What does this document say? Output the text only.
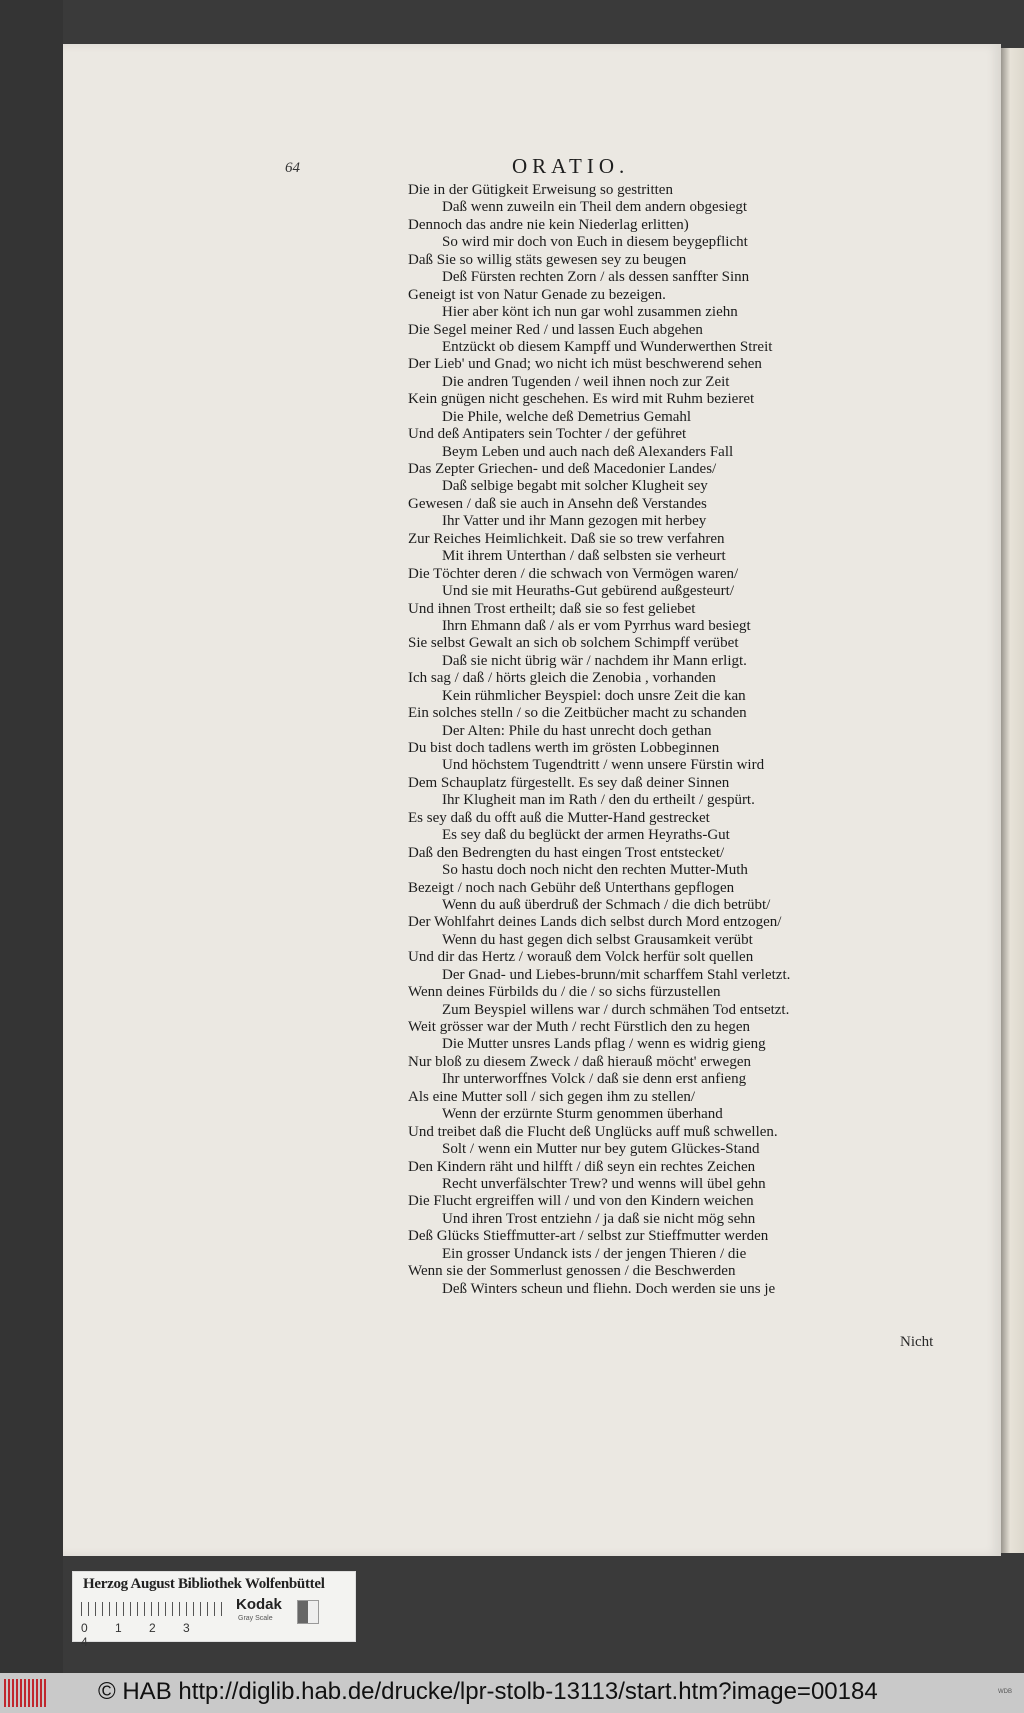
64	ORATIO.
Die in der Gütigkeit Erweisung so gestritten
Daß wenn zuweiln ein Theil dem andern obgesiegt
Dennoch das andre nie kein Niederlag erlitten)
So wird mir doch von Euch in diesem beygepflicht
Daß Sie so willig stäts gewesen sey zu beugen
Deß Fürsten rechten Zorn / als dessen sanffter Sinn
Geneigt ist von Natur Genade zu bezeigen.
Hier aber könt ich nun gar wohl zusammen ziehn
Die Segel meiner Red / und lassen Euch abgehen
Entzückt ob diesem Kampff und Wunderwerthen Streit
Der Lieb' und Gnad; wo nicht ich müst beschwerend sehen
Die andren Tugenden / weil ihnen noch zur Zeit
Kein gnügen nicht geschehen. Es wird mit Ruhm bezieret
Die Phile, welche deß Demetrius Gemahl
Und deß Antipaters sein Tochter / der geführet
Beym Leben und auch nach deß Alexanders Fall
Das Zepter Griechen- und deß Macedonier Landes/
Daß selbige begabt mit solcher Klugheit sey
Gewesen / daß sie auch in Ansehn deß Verstandes
Ihr Vatter und ihr Mann gezogen mit herbey
Zur Reiches Heimlichkeit. Daß sie so trew verfahren
Mit ihrem Unterthan / daß selbsten sie verheurt
Die Töchter deren / die schwach von Vermögen waren/
Und sie mit Heuraths-Gut gebürend außgesteurt/
Und ihnen Trost ertheilt; daß sie so fest geliebet
Ihrn Ehmann daß / als er vom Pyrrhus ward besiegt
Sie selbst Gewalt an sich ob solchem Schimpff verübet
Daß sie nicht übrig wär / nachdem ihr Mann erligt.
Ich sag / daß / hörts gleich die Zenobia , vorhanden
Kein rühmlicher Beyspiel: doch unsre Zeit die kan
Ein solches stelln / so die Zeitbücher macht zu schanden
Der Alten: Phile du hast unrecht doch gethan
Du bist doch tadlens werth im grösten Lobbeginnen
Und höchstem Tugendtritt / wenn unsere Fürstin wird
Dem Schauplatz fürgestellt. Es sey daß deiner Sinnen
Ihr Klugheit man im Rath / den du ertheilt / gespürt.
Es sey daß du offt auß die Mutter-Hand gestrecket
Es sey daß du beglückt der armen Heyraths-Gut
Daß den Bedrengten du hast eingen Trost entstecket/
So hastu doch noch nicht den rechten Mutter-Muth
Bezeigt / noch nach Gebühr deß Unterthans gepflogen
Wenn du auß überdruß der Schmach / die dich betrübt/
Der Wohlfahrt deines Lands dich selbst durch Mord entzogen/
Wenn du hast gegen dich selbst Grausamkeit verübt
Und dir das Hertz / worauß dem Volck herfür solt quellen
Der Gnad- und Liebes-brunn/mit scharffem Stahl verletzt.
Wenn deines Fürbilds du / die / so sichs fürzustellen
Zum Beyspiel willens war / durch schmähen Tod entsetzt.
Weit grösser war der Muth / recht Fürstlich den zu hegen
Die Mutter unsres Lands pflag / wenn es widrig gieng
Nur bloß zu diesem Zweck / daß hierauß möcht' erwegen
Ihr unterworffnes Volck / daß sie denn erst anfieng
Als eine Mutter soll / sich gegen ihm zu stellen/
Wenn der erzürnte Sturm genommen überhand
Und treibet daß die Flucht deß Unglücks auff muß schwellen.
Solt / wenn ein Mutter nur bey gutem Glückes-Stand
Den Kindern räht und hilfft / diß seyn ein rechtes Zeichen
Recht unverfälschter Trew? und wenns will übel gehn
Die Flucht ergreiffen will / und von den Kindern weichen
Und ihren Trost entziehn / ja daß sie nicht mög sehn
Deß Glücks Stieffmutter-art / selbst zur Stieffmutter werden
Ein grosser Undanck ists / der jengen Thieren / die
Wenn sie der Sommerlust genossen / die Beschwerden
Deß Winters scheun und fliehn. Doch werden sie uns je
Nicht
Herzog August Bibliothek Wolfenbüttel
0 1 2 34
Kodak
Gray Scale
© HAB http://diglib.hab.de/drucke/lpr-stolb-13113/start.htm?image=00184	WDB
